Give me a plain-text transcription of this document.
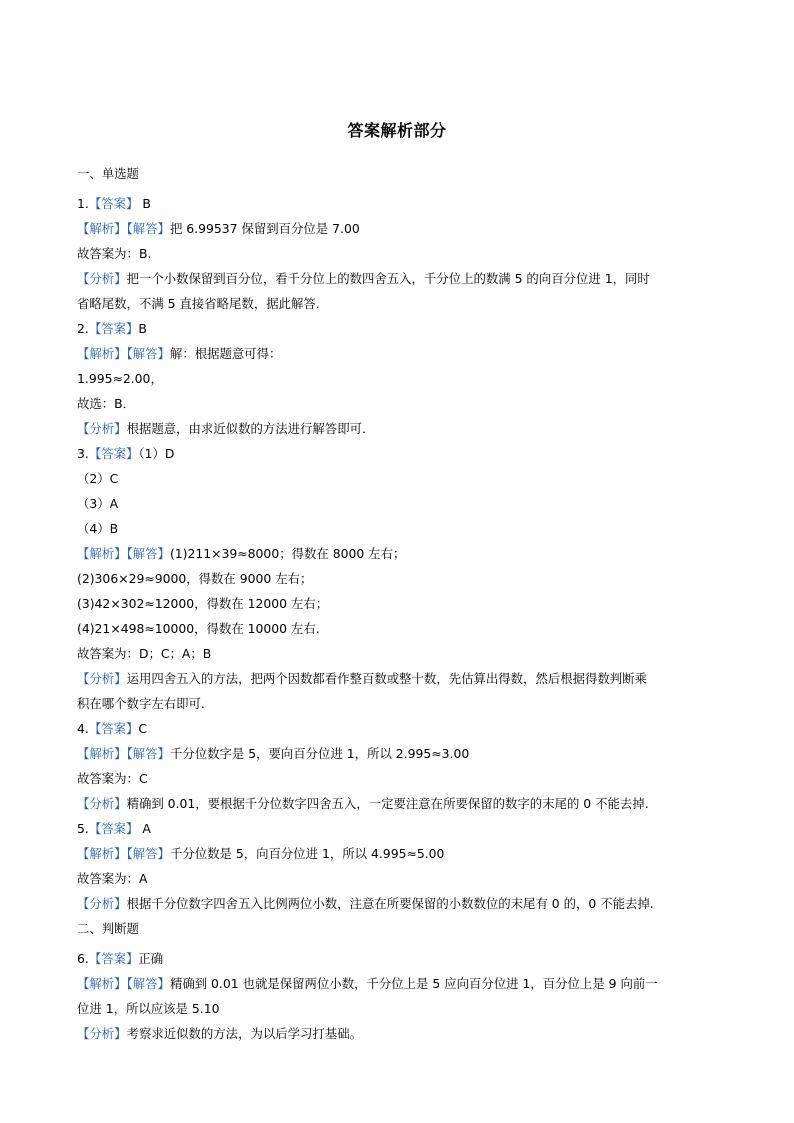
答案解析部分
一、单选题
1.【答案】 B
【解析】【解答】把 6.99537 保留到百分位是 7.00
故答案为：B.
【分析】把一个小数保留到百分位，看千分位上的数四舍五入，千分位上的数满 5 的向百分位进 1，同时
省略尾数，不满 5 直接省略尾数，据此解答.
2.【答案】B
【解析】【解答】解：根据题意可得：
1.995≈2.00，
故选：B．
【分析】根据题意，由求近似数的方法进行解答即可．
3.【答案】（1）D
（2）C
（3）A
（4）B
【解析】【解答】(1)211×39≈8000；得数在 8000 左右；
(2)306×29≈9000，得数在 9000 左右；
(3)42×302≈12000，得数在 12000 左右；
(4)21×498≈10000，得数在 10000 左右.
故答案为：D；C；A；B
【分析】运用四舍五入的方法，把两个因数都看作整百数或整十数，先估算出得数，然后根据得数判断乘
积在哪个数字左右即可.
4.【答案】C
【解析】【解答】千分位数字是 5，要向百分位进 1，所以 2.995≈3.00
故答案为：C
【分析】精确到 0.01，要根据千分位数字四舍五入，一定要注意在所要保留的数字的末尾的 0 不能去掉.
5.【答案】 A
【解析】【解答】千分位数是 5，向百分位进 1，所以 4.995≈5.00
故答案为：A
【分析】根据千分位数字四舍五入比例两位小数，注意在所要保留的小数数位的末尾有 0 的，0 不能去掉.
二、判断题
6.【答案】正确
【解析】【解答】精确到 0.01 也就是保留两位小数，千分位上是 5 应向百分位进 1，百分位上是 9 向前一
位进 1，所以应该是 5.10
【分析】考察求近似数的方法，为以后学习打基础。
